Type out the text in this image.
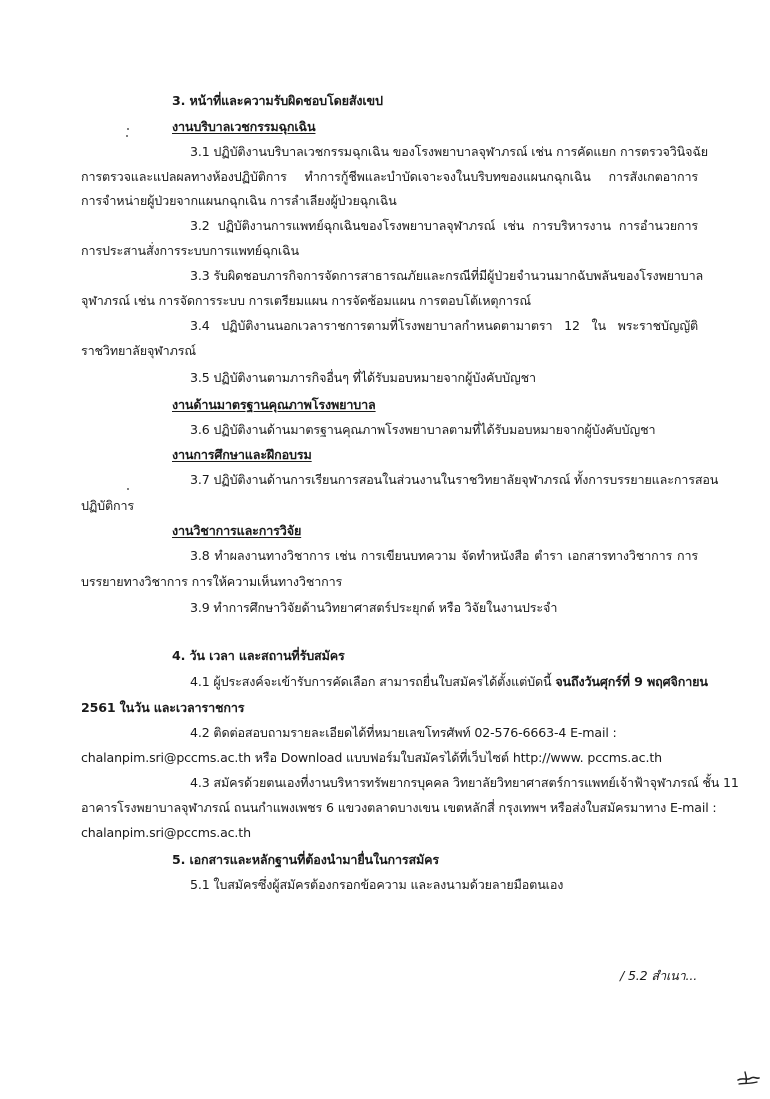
3. หน้าที่และความรับผิดชอบโดยสังเขป
งานบริบาลเวชกรรมฉุกเฉิน
3.1 ปฏิบัติงานบริบาลเวชกรรมฉุกเฉิน ของโรงพยาบาลจุฬาภรณ์ เช่น การคัดแยก การตรวจวินิจฉัย
การตรวจและแปลผลทางห้องปฏิบัติการ ทำการกู้ชีพและบำบัดเจาะจงในบริบทของแผนกฉุกเฉิน การสังเกตอาการ
การจำหน่ายผู้ป่วยจากแผนกฉุกเฉิน การลำเลียงผู้ป่วยฉุกเฉิน
3.2 ปฏิบัติงานการแพทย์ฉุกเฉินของโรงพยาบาลจุฬาภรณ์ เช่น การบริหารงาน การอำนวยการ
การประสานสั่งการระบบการแพทย์ฉุกเฉิน
3.3 รับผิดชอบภารกิจการจัดการสาธารณภัยและกรณีที่มีผู้ป่วยจำนวนมากฉับพลันของโรงพยาบาล
จุฬาภรณ์ เช่น การจัดการระบบ การเตรียมแผน การจัดซ้อมแผน การตอบโต้เหตุการณ์
3.4 ปฏิบัติงานนอกเวลาราชการตามที่โรงพยาบาลกำหนดตามาตรา 12 ใน พระราชบัญญัติ
ราชวิทยาลัยจุฬาภรณ์
3.5 ปฏิบัติงานตามภารกิจอื่นๆ ที่ได้รับมอบหมายจากผู้บังคับบัญชา
งานด้านมาตรฐานคุณภาพโรงพยาบาล
3.6 ปฏิบัติงานด้านมาตรฐานคุณภาพโรงพยาบาลตามที่ได้รับมอบหมายจากผู้บังคับบัญชา
งานการศึกษาและฝึกอบรม
3.7 ปฏิบัติงานด้านการเรียนการสอนในส่วนงานในราชวิทยาลัยจุฬาภรณ์ ทั้งการบรรยายและการสอน
ปฏิบัติการ
งานวิชาการและการวิจัย
3.8 ทำผลงานทางวิชาการ เช่น การเขียนบทความ จัดทำหนังสือ ตำรา เอกสารทางวิชาการ การ
บรรยายทางวิชาการ การให้ความเห็นทางวิชาการ
3.9 ทำการศึกษาวิจัยด้านวิทยาศาสตร์ประยุกต์ หรือ วิจัยในงานประจำ
4. วัน เวลา และสถานที่รับสมัคร
4.1 ผู้ประสงค์จะเข้ารับการคัดเลือก สามารถยื่นใบสมัครได้ตั้งแต่บัดนี้ จนถึงวันศุกร์ที่ 9 พฤศจิกายน
2561 ในวัน และเวลาราชการ
4.2 ติดต่อสอบถามรายละเอียดได้ที่หมายเลขโทรศัพท์ 02-576-6663-4 E-mail :
chalanpim.sri@pccms.ac.th หรือ Download แบบฟอร์มใบสมัครได้ที่เว็บไซต์ http://www. pccms.ac.th
4.3 สมัครด้วยตนเองที่งานบริหารทรัพยากรบุคคล วิทยาลัยวิทยาศาสตร์การแพทย์เจ้าฟ้าจุฬาภรณ์ ชั้น 11
อาคารโรงพยาบาลจุฬาภรณ์ ถนนกำแพงเพชร 6 แขวงตลาดบางเขน เขตหลักสี่ กรุงเทพฯ หรือส่งใบสมัครมาทาง E-mail :
chalanpim.sri@pccms.ac.th
5. เอกสารและหลักฐานที่ต้องนำมายื่นในการสมัคร
5.1 ใบสมัครซึ่งผู้สมัครต้องกรอกข้อความ และลงนามด้วยลายมือตนเอง
/ 5.2 สำเนา...
